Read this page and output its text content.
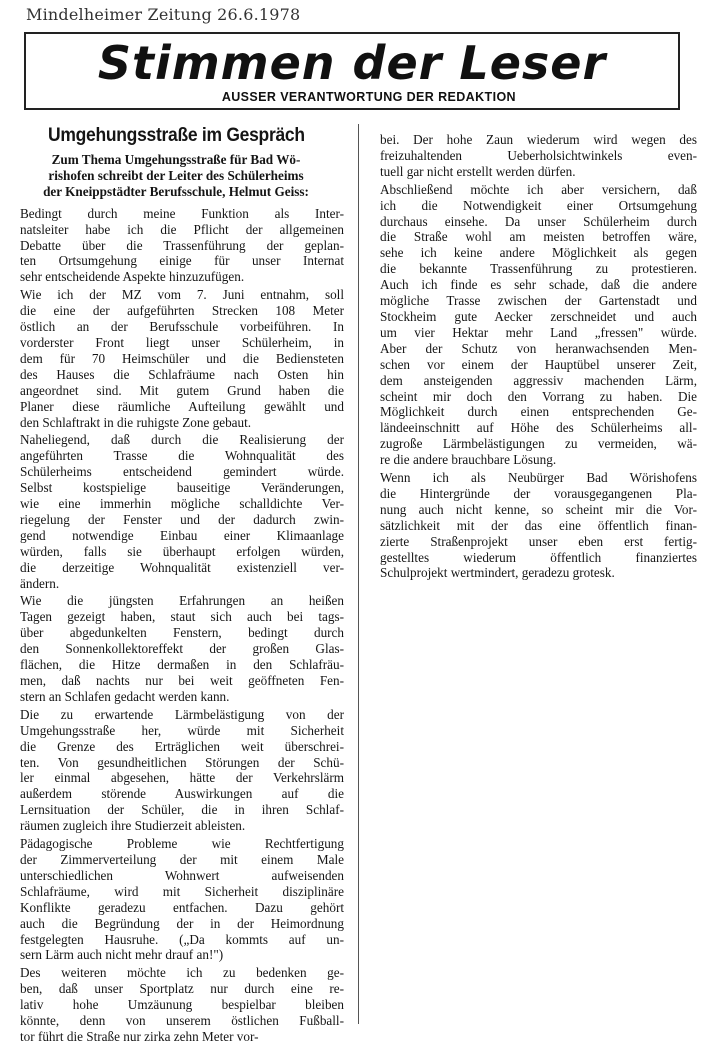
Mindelheimer Zeitung 26.6.1978
Stimmen der Leser
AUSSER VERANTWORTUNG DER REDAKTION
Umgehungsstraße im Gespräch
Zum Thema Umgehungsstraße für Bad Wö-
rishofen schreibt der Leiter des Schülerheims
der Kneippstädter Berufsschule, Helmut Geiss:
Bedingt durch meine Funktion als Inter-
natsleiter habe ich die Pflicht der allgemeinen
Debatte über die Trassenführung der geplan-
ten Ortsumgehung einige für unser Internat
sehr entscheidende Aspekte hinzuzufügen.
Wie ich der MZ vom 7. Juni entnahm, soll
die eine der aufgeführten Strecken 108 Meter
östlich an der Berufsschule vorbeiführen. In
vorderster Front liegt unser Schülerheim, in
dem für 70 Heimschüler und die Bediensteten
des Hauses die Schlafräume nach Osten hin
angeordnet sind. Mit gutem Grund haben die
Planer diese räumliche Aufteilung gewählt und
den Schlaftrakt in die ruhigste Zone gebaut.
Naheliegend, daß durch die Realisierung der
angeführten Trasse die Wohnqualität des
Schülerheims entscheidend gemindert würde.
Selbst kostspielige bauseitige Veränderungen,
wie eine immerhin mögliche schalldichte Ver-
riegelung der Fenster und der dadurch zwin-
gend notwendige Einbau einer Klimaanlage
würden, falls sie überhaupt erfolgen würden,
die derzeitige Wohnqualität existenziell ver-
ändern.
Wie die jüngsten Erfahrungen an heißen
Tagen gezeigt haben, staut sich auch bei tags-
über abgedunkelten Fenstern, bedingt durch
den Sonnenkollektoreffekt der großen Glas-
flächen, die Hitze dermaßen in den Schlafräu-
men, daß nachts nur bei weit geöffneten Fen-
stern an Schlafen gedacht werden kann.
Die zu erwartende Lärmbelästigung von der
Umgehungsstraße her, würde mit Sicherheit
die Grenze des Erträglichen weit überschrei-
ten. Von gesundheitlichen Störungen der Schü-
ler einmal abgesehen, hätte der Verkehrslärm
außerdem störende Auswirkungen auf die
Lernsituation der Schüler, die in ihren Schlaf-
räumen zugleich ihre Studierzeit ableisten.
Pädagogische Probleme wie Rechtfertigung
der Zimmerverteilung der mit einem Male
unterschiedlichen Wohnwert aufweisenden
Schlafräume, wird mit Sicherheit disziplinäre
Konflikte geradezu entfachen. Dazu gehört
auch die Begründung der in der Heimordnung
festgelegten Hausruhe. („Da kommts auf un-
sern Lärm auch nicht mehr drauf an!")
Des weiteren möchte ich zu bedenken ge-
ben, daß unser Sportplatz nur durch eine re-
lativ hohe Umzäunung bespielbar bleiben
könnte, denn von unserem östlichen Fußball-
tor führt die Straße nur zirka zehn Meter vor-
bei. Der hohe Zaun wiederum wird wegen des
freizuhaltenden Ueberholsichtwinkels even-
tuell gar nicht erstellt werden dürfen.
Abschließend möchte ich aber versichern, daß
ich die Notwendigkeit einer Ortsumgehung
durchaus einsehe. Da unser Schülerheim durch
die Straße wohl am meisten betroffen wäre,
sehe ich keine andere Möglichkeit als gegen
die bekannte Trassenführung zu protestieren.
Auch ich finde es sehr schade, daß die andere
mögliche Trasse zwischen der Gartenstadt und
Stockheim gute Aecker zerschneidet und auch
um vier Hektar mehr Land „fressen" würde.
Aber der Schutz von heranwachsenden Men-
schen vor einem der Hauptübel unserer Zeit,
dem ansteigenden aggressiv machenden Lärm,
scheint mir doch den Vorrang zu haben. Die
Möglichkeit durch einen entsprechenden Ge-
ländeeinschnitt auf Höhe des Schülerheims all-
zugroße Lärmbelästigungen zu vermeiden, wä-
re die andere brauchbare Lösung.
Wenn ich als Neubürger Bad Wörishofens
die Hintergründe der vorausgegangenen Pla-
nung auch nicht kenne, so scheint mir die Vor-
sätzlichkeit mit der das eine öffentlich finan-
zierte Straßenprojekt unser eben erst fertig-
gestelltes wiederum öffentlich finanziertes
Schulprojekt wertmindert, geradezu grotesk.
